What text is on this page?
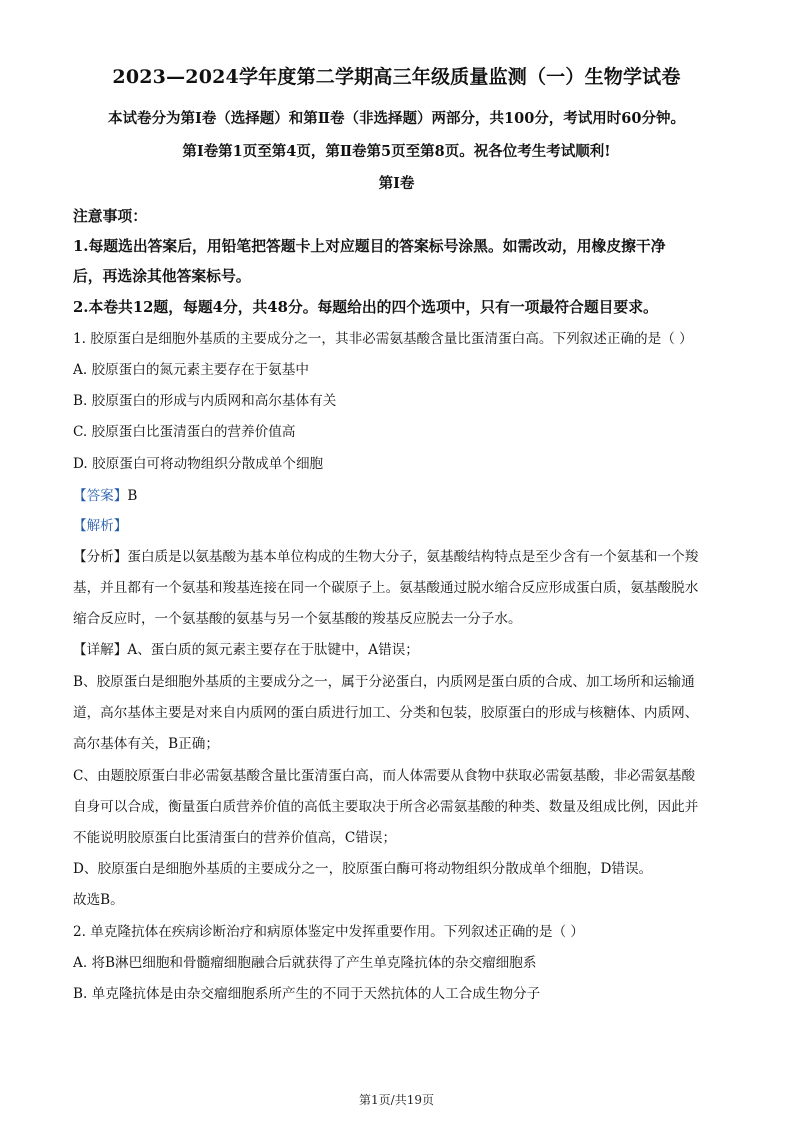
2023—2024学年度第二学期高三年级质量监测（一）生物学试卷
本试卷分为第Ⅰ卷（选择题）和第Ⅱ卷（非选择题）两部分，共100分，考试用时60分钟。
第Ⅰ卷第1页至第4页，第Ⅱ卷第5页至第8页。祝各位考生考试顺利!
第Ⅰ卷
注意事项：
1.每题选出答案后，用铅笔把答题卡上对应题目的答案标号涂黑。如需改动，用橡皮擦干净
后，再选涂其他答案标号。
2.本卷共12题，每题4分，共48分。每题给出的四个选项中，只有一项最符合题目要求。
1. 胶原蛋白是细胞外基质的主要成分之一，其非必需氨基酸含量比蛋清蛋白高。下列叙述正确的是（ ）
A. 胶原蛋白的氮元素主要存在于氨基中
B. 胶原蛋白的形成与内质网和高尔基体有关
C. 胶原蛋白比蛋清蛋白的营养价值高
D. 胶原蛋白可将动物组织分散成单个细胞
【答案】B
【解析】
【分析】蛋白质是以氨基酸为基本单位构成的生物大分子，氨基酸结构特点是至少含有一个氨基和一个羧
基，并且都有一个氨基和羧基连接在同一个碳原子上。氨基酸通过脱水缩合反应形成蛋白质，氨基酸脱水
缩合反应时，一个氨基酸的氨基与另一个氨基酸的羧基反应脱去一分子水。
【详解】A、蛋白质的氮元素主要存在于肽键中，A错误；
B、胶原蛋白是细胞外基质的主要成分之一，属于分泌蛋白，内质网是蛋白质的合成、加工场所和运输通
道，高尔基体主要是对来自内质网的蛋白质进行加工、分类和包装，胶原蛋白的形成与核糖体、内质网、
高尔基体有关，B正确；
C、由题胶原蛋白非必需氨基酸含量比蛋清蛋白高，而人体需要从食物中获取必需氨基酸，非必需氨基酸
自身可以合成，衡量蛋白质营养价值的高低主要取决于所含必需氨基酸的种类、数量及组成比例，因此并
不能说明胶原蛋白比蛋清蛋白的营养价值高，C错误；
D、胶原蛋白是细胞外基质的主要成分之一，胶原蛋白酶可将动物组织分散成单个细胞，D错误。
故选B。
2. 单克隆抗体在疾病诊断治疗和病原体鉴定中发挥重要作用。下列叙述正确的是（ ）
A. 将B淋巴细胞和骨髓瘤细胞融合后就获得了产生单克隆抗体的杂交瘤细胞系
B. 单克隆抗体是由杂交瘤细胞系所产生的不同于天然抗体的人工合成生物分子
第1页/共19页
